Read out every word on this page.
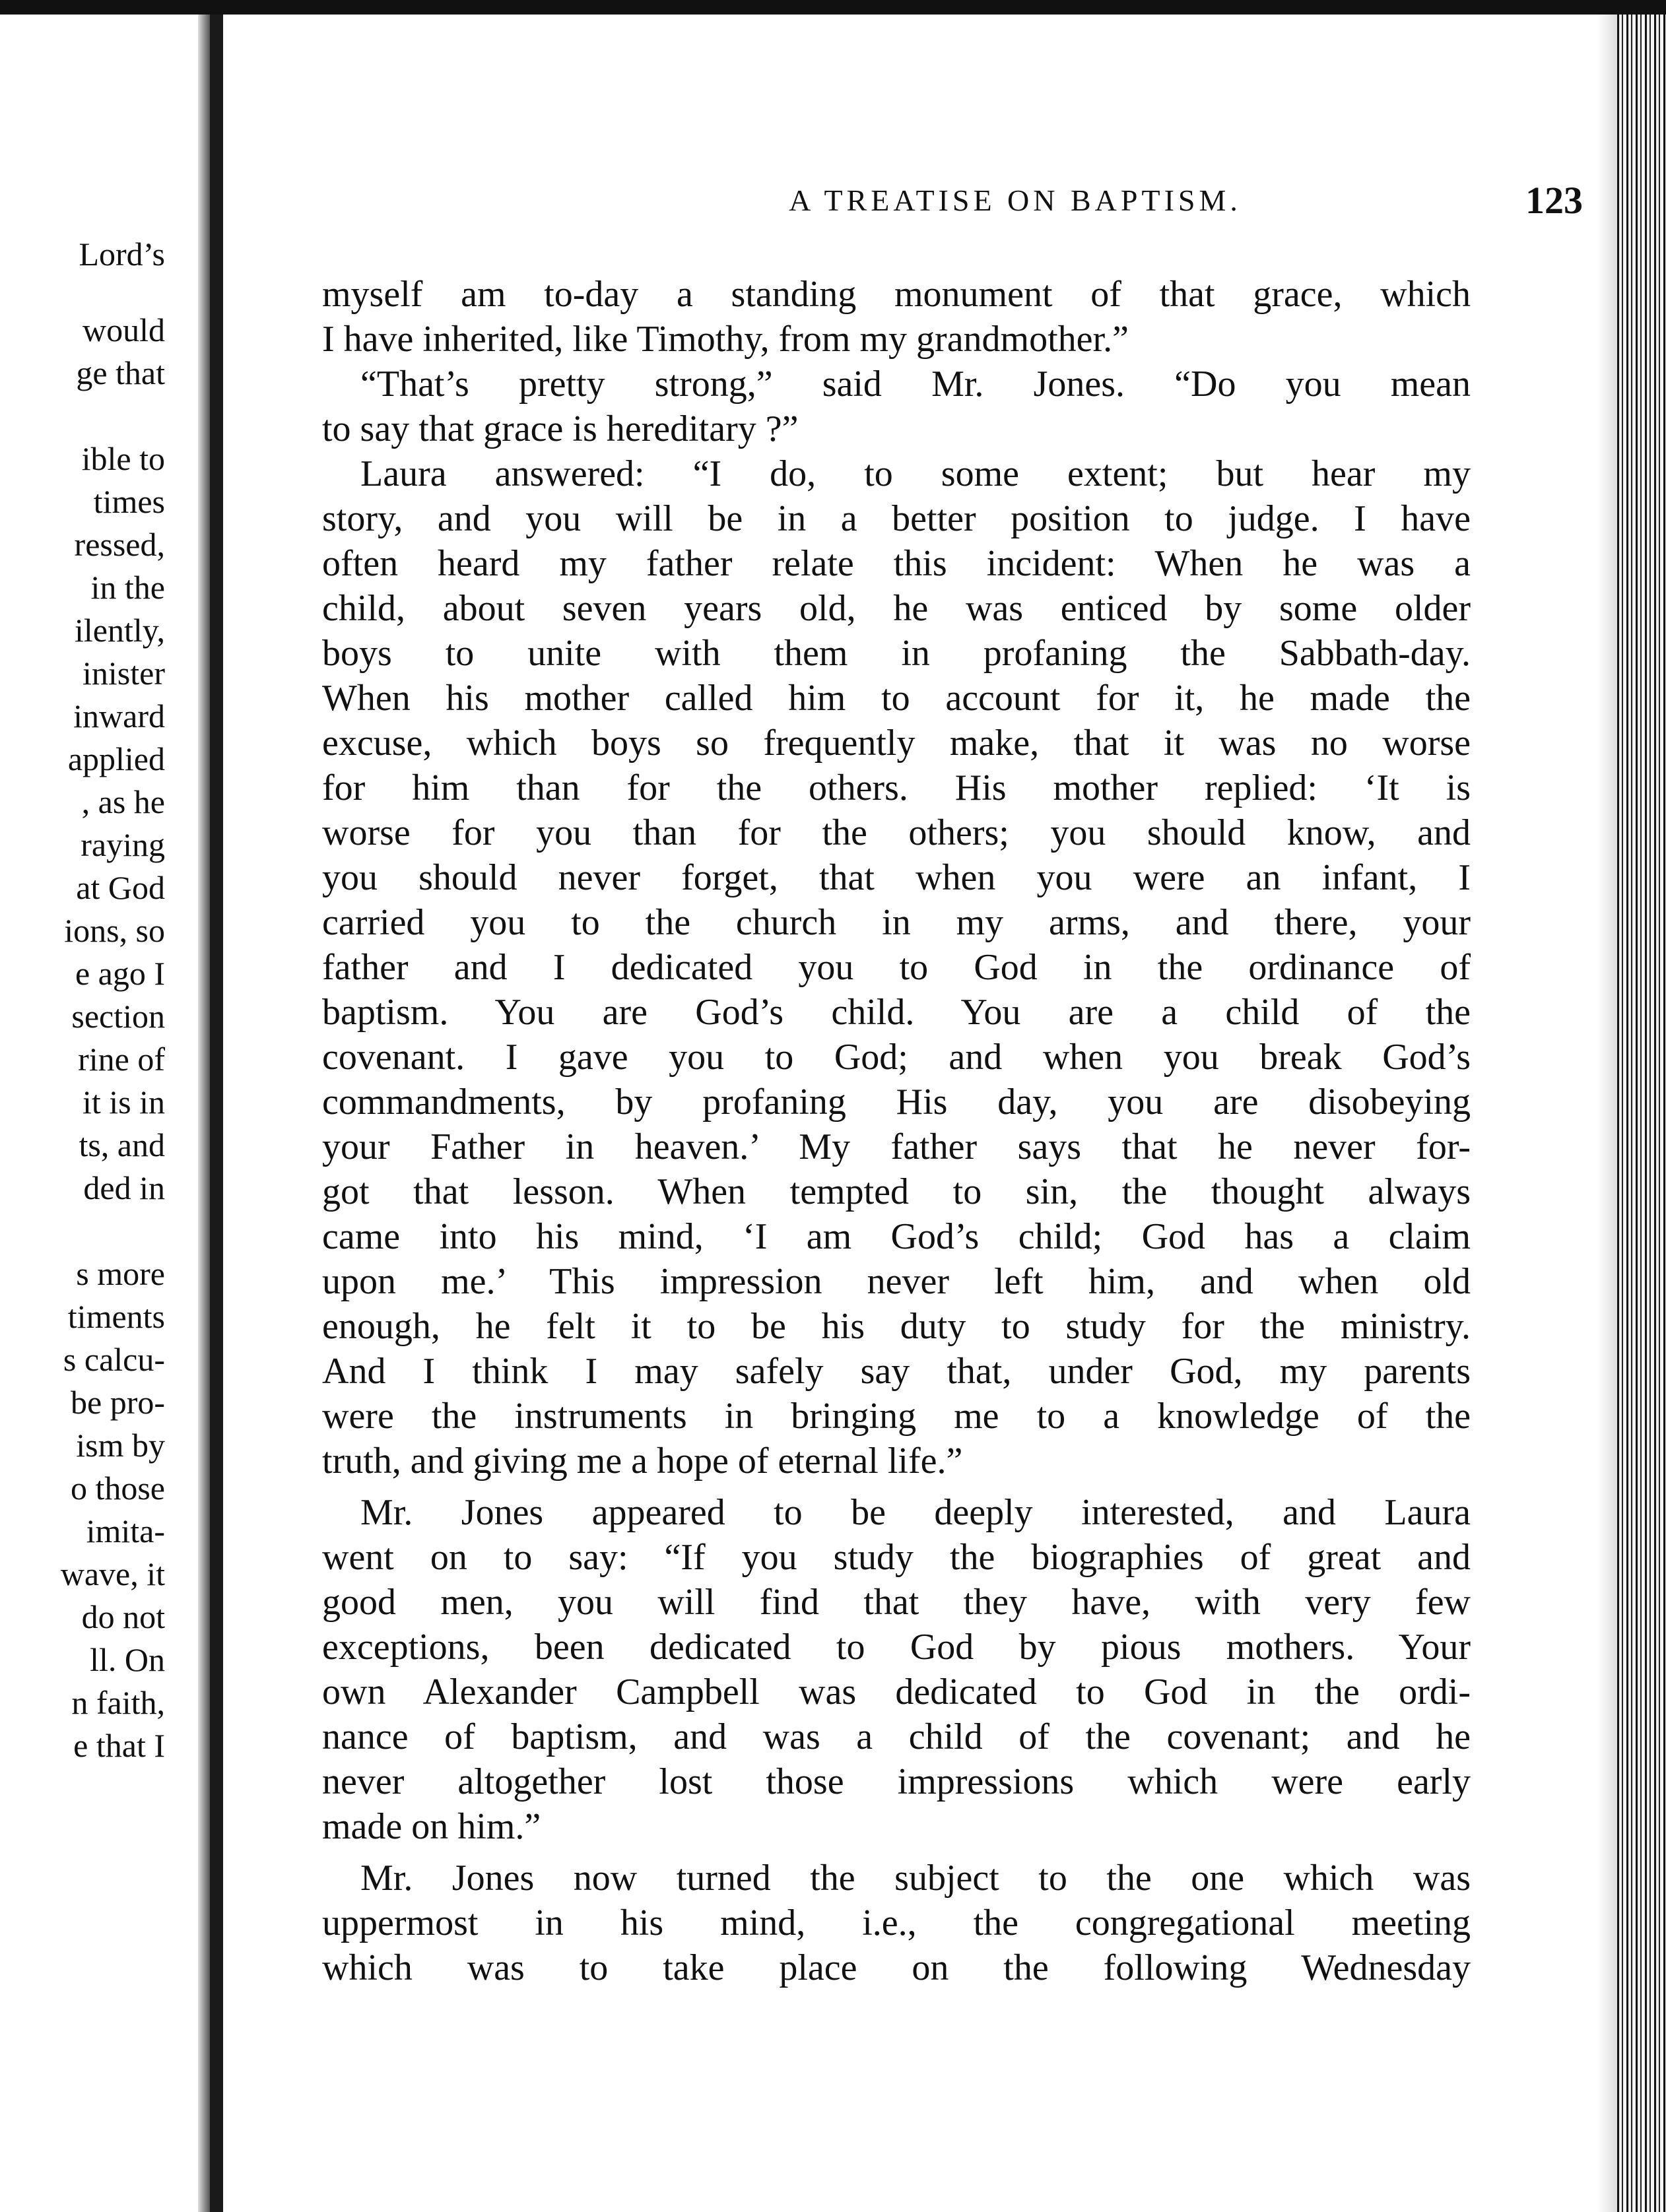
Lord’s
would
ge that
ible to
times
ressed,
in the
ilently,
inister
inward
applied
, as he
raying
at God
ions, so
e ago I
section
rine of
it is in
ts, and
ded in
s more
timents
s calcu-
be pro-
ism by
o those
imita-
wave, it
do not
ll. On
n faith,
e that I
A TREATISE ON BAPTISM.	123
myself am to-day a standing monument of that grace, which
I have inherited, like Timothy, from my grandmother.”
“That’s pretty strong,” said Mr. Jones. “Do you mean
to say that grace is hereditary ?”
Laura answered: “I do, to some extent; but hear my
story, and you will be in a better position to judge. I have
often heard my father relate this incident: When he was a
child, about seven years old, he was enticed by some older
boys to unite with them in profaning the Sabbath-day.
When his mother called him to account for it, he made the
excuse, which boys so frequently make, that it was no worse
for him than for the others. His mother replied: ‘It is
worse for you than for the others; you should know, and
you should never forget, that when you were an infant, I
carried you to the church in my arms, and there, your
father and I dedicated you to God in the ordinance of
baptism. You are God’s child. You are a child of the
covenant. I gave you to God; and when you break God’s
commandments, by profaning His day, you are disobeying
your Father in heaven.’ My father says that he never for-
got that lesson. When tempted to sin, the thought always
came into his mind, ‘I am God’s child; God has a claim
upon me.’ This impression never left him, and when old
enough, he felt it to be his duty to study for the ministry.
And I think I may safely say that, under God, my parents
were the instruments in bringing me to a knowledge of the
truth, and giving me a hope of eternal life.”
Mr. Jones appeared to be deeply interested, and Laura
went on to say: “If you study the biographies of great and
good men, you will find that they have, with very few
exceptions, been dedicated to God by pious mothers. Your
own Alexander Campbell was dedicated to God in the ordi-
nance of baptism, and was a child of the covenant; and he
never altogether lost those impressions which were early
made on him.”
Mr. Jones now turned the subject to the one which was
uppermost in his mind, i.e., the congregational meeting
which was to take place on the following Wednesday
